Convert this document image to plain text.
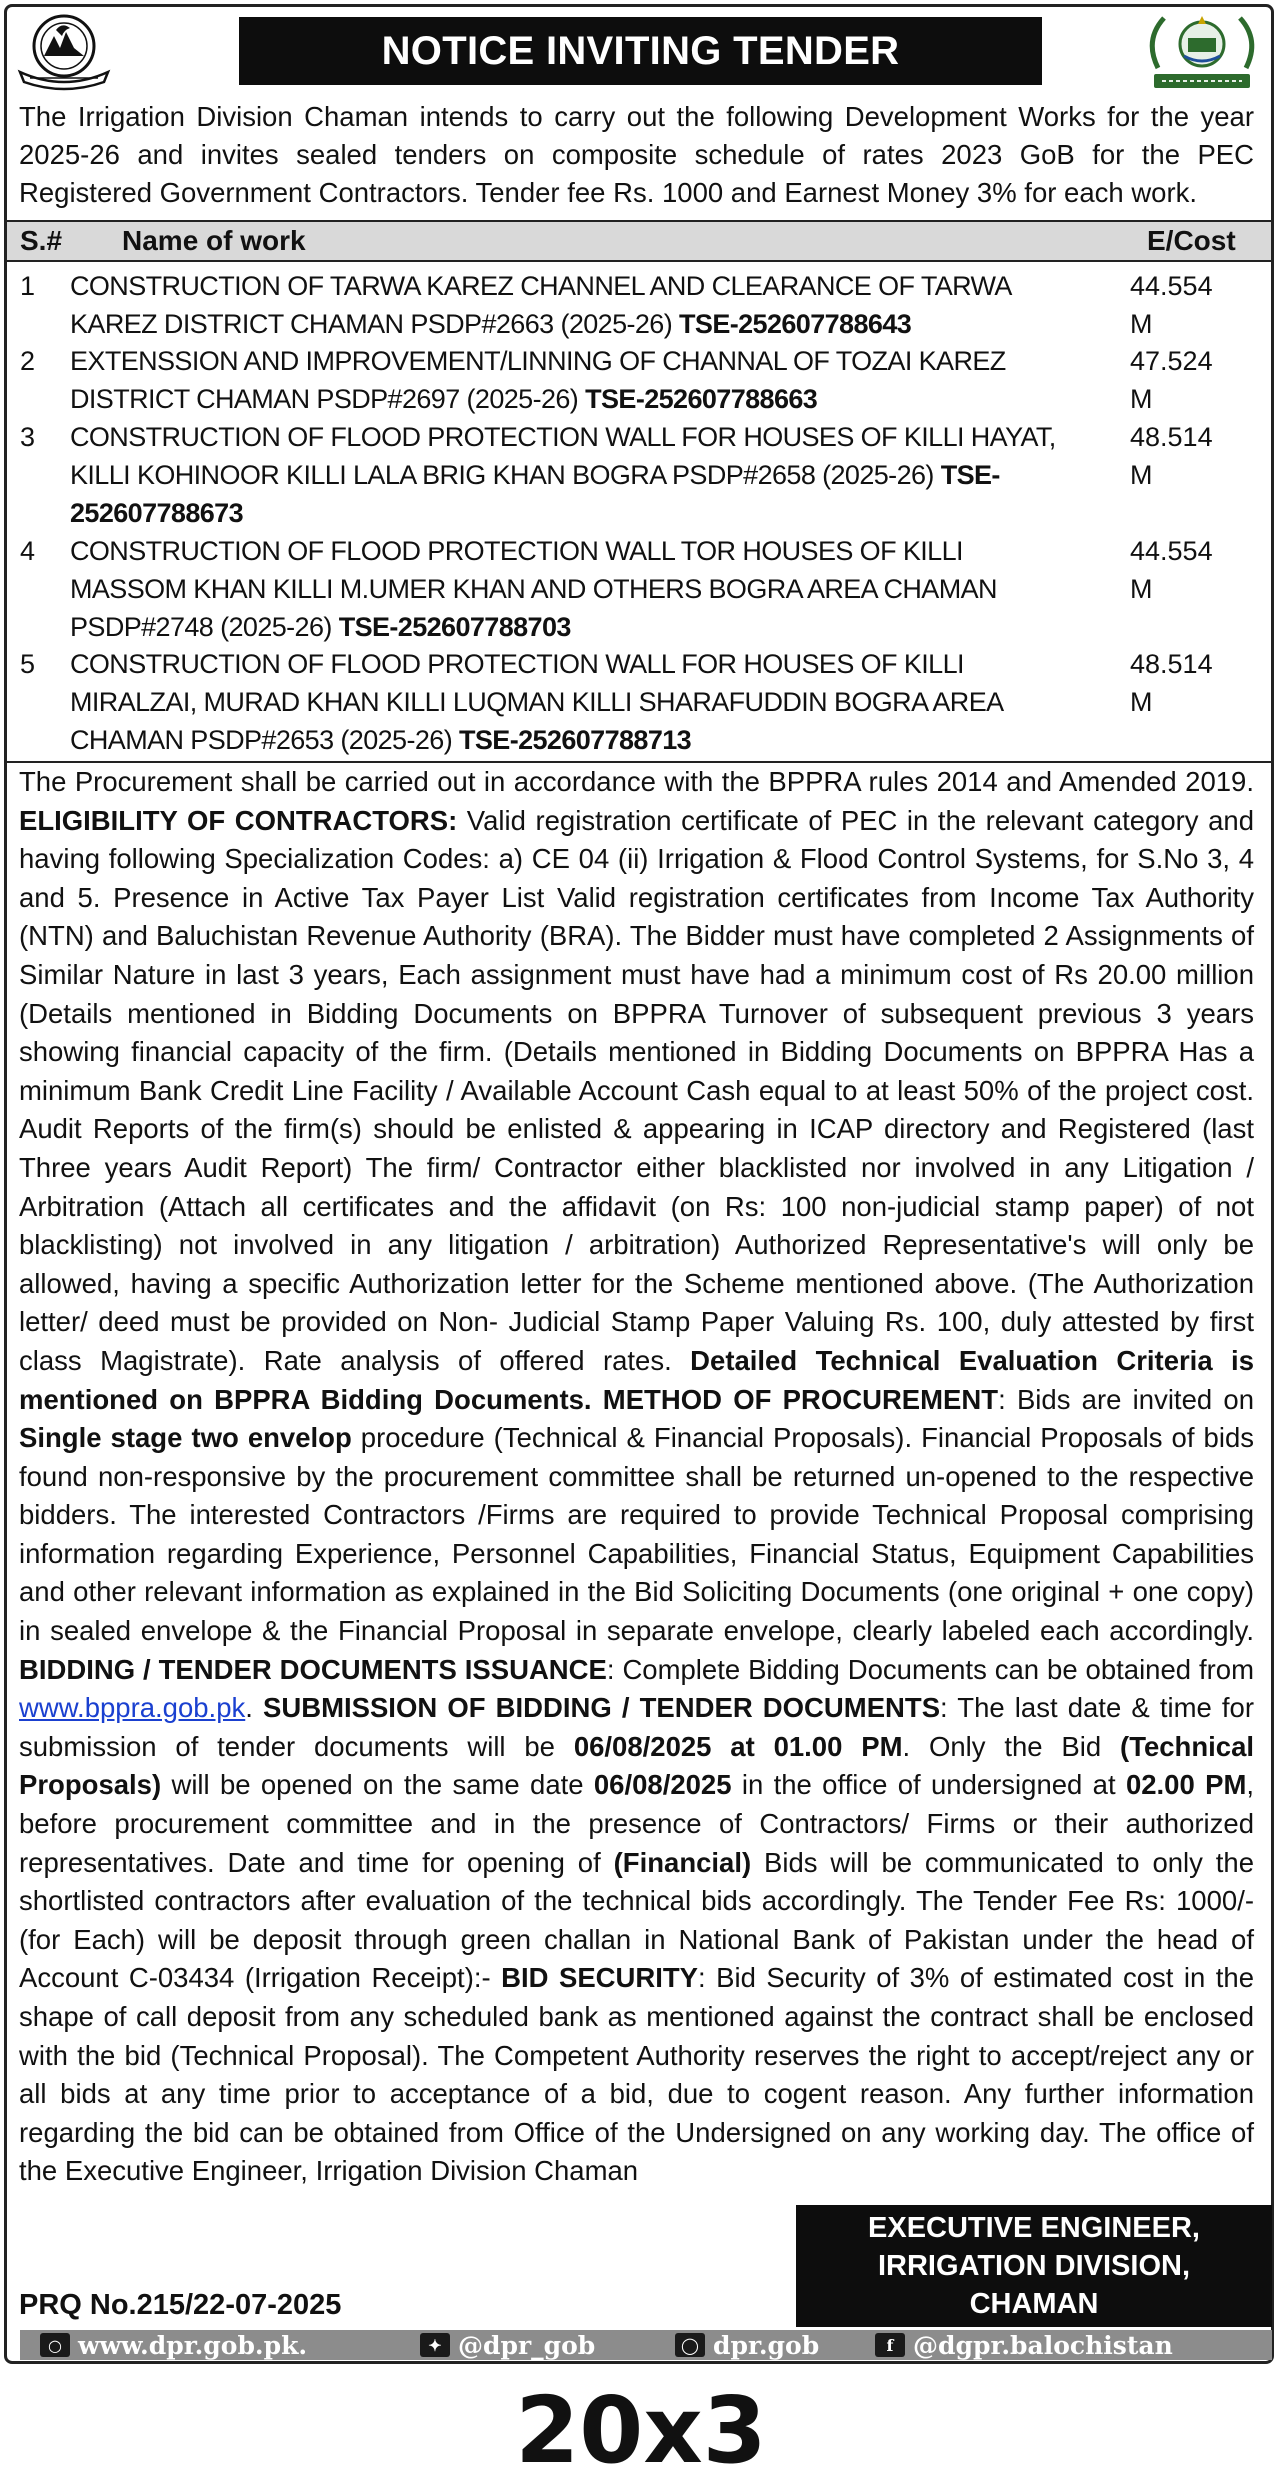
NOTICE INVITING TENDER
The Irrigation Division Chaman intends to carry out the following Development Works for the year 2025-26 and invites sealed tenders on composite schedule of rates 2023 GoB for the PEC Registered Government Contractors. Tender fee Rs. 1000 and Earnest Money 3% for each work.
S.# Name of work	E/Cost
1 CONSTRUCTION OF TARWA KAREZ CHANNEL AND CLEARANCE OF TARWA KAREZ DISTRICT CHAMAN PSDP#2663 (2025-26) TSE-252607788643
44.554 M
2 EXTENSSION AND IMPROVEMENT/LINNING OF CHANNAL OF TOZAI KAREZ DISTRICT CHAMAN PSDP#2697 (2025-26) TSE-252607788663
47.524 M
3 CONSTRUCTION OF FLOOD PROTECTION WALL FOR HOUSES OF KILLI HAYAT, KILLI KOHINOOR KILLI LALA BRIG KHAN BOGRA PSDP#2658 (2025-26) TSE-252607788673
48.514 M
4 CONSTRUCTION OF FLOOD PROTECTION WALL TOR HOUSES OF KILLI MASSOM KHAN KILLI M.UMER KHAN AND OTHERS BOGRA AREA CHAMAN PSDP#2748 (2025-26) TSE-252607788703
44.554 M
5 CONSTRUCTION OF FLOOD PROTECTION WALL FOR HOUSES OF KILLI MIRALZAI, MURAD KHAN KILLI LUQMAN KILLI SHARAFUDDIN BOGRA AREA CHAMAN PSDP#2653 (2025-26) TSE-252607788713
48.514 M
The Procurement shall be carried out in accordance with the BPPRA rules 2014 and Amended 2019. ELIGIBILITY OF CONTRACTORS: Valid registration certificate of PEC in the relevant category and having following Specialization Codes: a) CE 04 (ii) Irrigation & Flood Control Systems, for S.No 3, 4 and 5. Presence in Active Tax Payer List Valid registration certificates from Income Tax Authority (NTN) and Baluchistan Revenue Authority (BRA). The Bidder must have completed 2 Assignments of Similar Nature in last 3 years, Each assignment must have had a minimum cost of Rs 20.00 million (Details mentioned in Bidding Documents on BPPRA Turnover of subsequent previous 3 years showing financial capacity of the firm. (Details mentioned in Bidding Documents on BPPRA Has a minimum Bank Credit Line Facility / Available Account Cash equal to at least 50% of the project cost. Audit Reports of the firm(s) should be enlisted & appearing in ICAP directory and Registered (last Three years Audit Report) The firm/ Contractor either blacklisted nor involved in any Litigation / Arbitration (Attach all certificates and the affidavit (on Rs: 100 non-judicial stamp paper) of not blacklisting) not involved in any litigation / arbitration) Authorized Representative's will only be allowed, having a specific Authorization letter for the Scheme mentioned above. (The Authorization letter/ deed must be provided on Non- Judicial Stamp Paper Valuing Rs. 100, duly attested by first class Magistrate). Rate analysis of offered rates. Detailed Technical Evaluation Criteria is mentioned on BPPRA Bidding Documents. METHOD OF PROCUREMENT: Bids are invited on Single stage two envelop procedure (Technical & Financial Proposals). Financial Proposals of bids found non-responsive by the procurement committee shall be returned un-opened to the respective bidders. The interested Contractors /Firms are required to provide Technical Proposal comprising information regarding Experience, Personnel Capabilities, Financial Status, Equipment Capabilities and other relevant information as explained in the Bid Soliciting Documents (one original + one copy) in sealed envelope & the Financial Proposal in separate envelope, clearly labeled each accordingly. BIDDING / TENDER DOCUMENTS ISSUANCE: Complete Bidding Documents can be obtained from www.bppra.gob.pk. SUBMISSION OF BIDDING / TENDER DOCUMENTS: The last date & time for submission of tender documents will be 06/08/2025 at 01.00 PM. Only the Bid (Technical Proposals) will be opened on the same date 06/08/2025 in the office of undersigned at 02.00 PM, before procurement committee and in the presence of Contractors/ Firms or their authorized representatives. Date and time for opening of (Financial) Bids will be communicated to only the shortlisted contractors after evaluation of the technical bids accordingly. The Tender Fee Rs: 1000/- (for Each) will be deposit through green challan in National Bank of Pakistan under the head of Account C-03434 (Irrigation Receipt):- BID SECURITY: Bid Security of 3% of estimated cost in the shape of call deposit from any scheduled bank as mentioned against the contract shall be enclosed with the bid (Technical Proposal). The Competent Authority reserves the right to accept/reject any or all bids at any time prior to acceptance of a bid, due to cogent reason. Any further information regarding the bid can be obtained from Office of the Undersigned on any working day. The office of the Executive Engineer, Irrigation Division Chaman
EXECUTIVE ENGINEER,
IRRIGATION DIVISION,
CHAMAN
PRQ No.215/22-07-2025
○ www.dpr.gob.pk.	✦ @dpr_gob	◯ dpr.gob	f @dgpr.balochistan
20x3
